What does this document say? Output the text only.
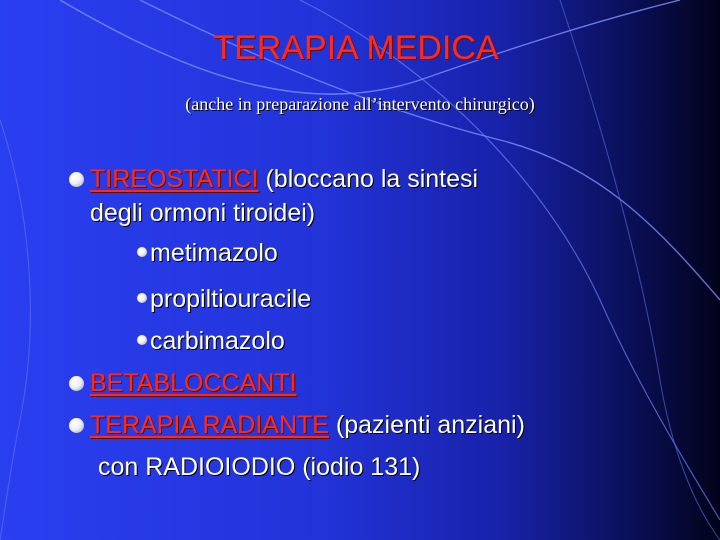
TERAPIA MEDICA
(anche in preparazione all’intervento chirurgico)
TIREOSTATICI (bloccano la sintesi
degli ormoni tiroidei)
metimazolo
propiltiouracile
carbimazolo
BETABLOCCANTI
TERAPIA RADIANTE (pazienti anziani)
con RADIOIODIO (iodio 131)
